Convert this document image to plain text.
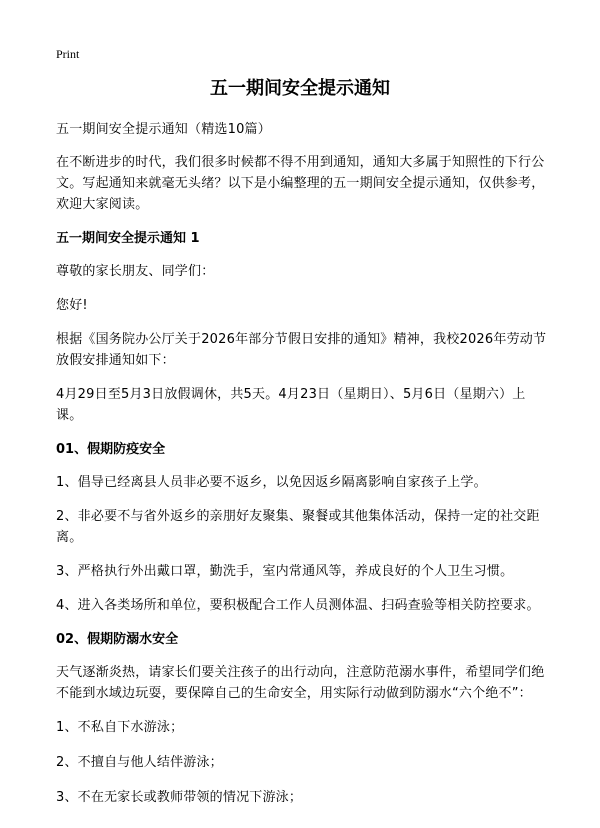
Print
五一期间安全提示通知

五一期间安全提示通知（精选10篇）

在不断进步的时代，我们很多时候都不得不用到通知，通知大多属于知照性的下行公文。写起通知来就毫无头绪？以下是小编整理的五一期间安全提示通知，仅供参考，欢迎大家阅读。

五一期间安全提示通知 1

尊敬的家长朋友、同学们：

您好!

根据《国务院办公厅关于2026年部分节假日安排的通知》精神，我校2026年劳动节放假安排通知如下：

4月29日至5月3日放假调休，共5天。4月23日（星期日）、5月6日（星期六）上课。

01、假期防疫安全

1、倡导已经离县人员非必要不返乡，以免因返乡隔离影响自家孩子上学。

2、非必要不与省外返乡的亲朋好友聚集、聚餐或其他集体活动，保持一定的社交距离。

3、严格执行外出戴口罩，勤洗手，室内常通风等，养成良好的个人卫生习惯。

4、进入各类场所和单位，要积极配合工作人员测体温、扫码查验等相关防控要求。

02、假期防溺水安全

天气逐渐炎热，请家长们要关注孩子的出行动向，注意防范溺水事件，希望同学们绝不能到水域边玩耍，要保障自己的生命安全，用实际行动做到防溺水“六个绝不”：

1、不私自下水游泳；

2、不擅自与他人结伴游泳；

3、不在无家长或教师带领的情况下游泳；
